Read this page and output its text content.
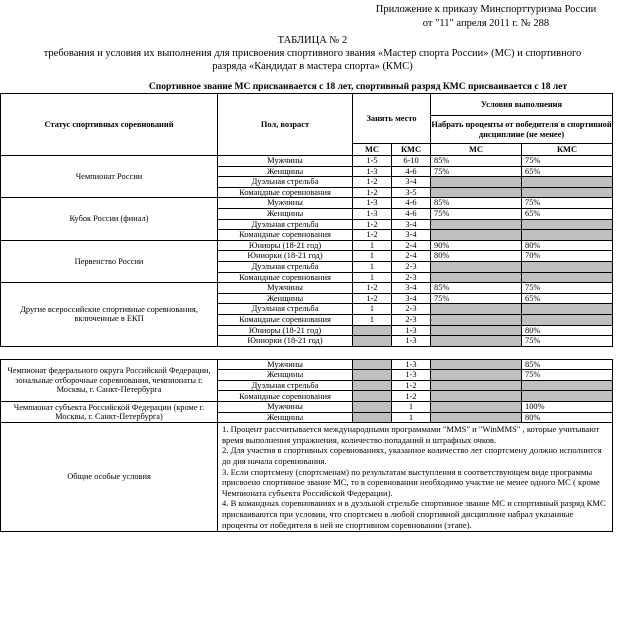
Приложение к приказу Минспорттуризма России
от "11" апреля 2011 г. № 288
ТАБЛИЦА № 2
требования и условия их выполнения для присвоения спортивного звания «Мастер спорта России» (МС) и спортивного
разряда «Кандидат в мастера спорта» (КМС)
Спортивное звание МС присваивается с 18 лет, спортивный разряд КМС присваивается с 18 лет
Статус спортивных соревнований	Пол, возраст	Занять место		Условия выполнения	
				Набрать проценты от победителя в спортивной дисциплине (не менее)	
		МС	КМС	МС	КМС
Чемпионат России	Мужчины	1-5	6-10	85%	75%
	Женщины	1-3	4-6	75%	65%
	Дуэльная стрельба	1-2	3-4		
	Командные соревнования	1-2	3-5		
Кубок России (финал)	Мужчины	1-3	4-6	85%	75%
	Женщины	1-3	4-6	75%	65%
	Дуэльная стрельба	1-2	3-4		
	Командные соревнования	1-2	3-4		
Первенство России	Юниоры (18-21 год)	1	2-4	90%	80%
	Юниорки (18-21 год)	1	2-4	80%	70%
	Дуэльная стрельба	1	2-3		
	Командные соревнования	1	2-3		
Другие всероссийские спортивные соревнования, включенные в ЕКП	Мужчины	1-2	3-4	85%	75%
	Женщины	1-2	3-4	75%	65%
	Дуэльная стрельба	1	2-3		
	Командные соревнования	1	2-3		
	Юниоры (18-21 год)		1-3		80%
	Юниорки (18-21 год)		1-3		75%

Чемпионат федерального округа Российской Федерации, зональные отборочные соревнования, чемпионаты г. Москвы, г. Санкт-Петербурга	Мужчины		1-3		85%
	Женщины		1-3		75%
	Дуэльная стрельба		1-2		
	Командные соревнования		1-2		
Чемпионат субъекта Российской Федерации (кроме г. Москвы, г. Санкт-Петербурга)	Мужчины		1		100%
	Женщины		1		80%
Общие особые условия	1. Процент рассчитывается международными программами "MMS" и "WinMMS" , которые учитывают время выполнения упражнения, количество попаданий и штрафных очков.
2. Для участия в спортивных соревнованиях, указанное количество лет спортсмену должно исполнится до дня начала соревнования.
3. Если спортсмену (спортсменам) по результатам выступления в соответствующем виде программы присвоено спортивное звание МС, то в соревновании необходимо участие не менее одного МС ( кроме Чемпионата субъекта Российской Федерации).
4. В командных соревнованиях и в дуэльной стрельбе спортивное звание МС и спортивный разряд КМС присваиваются при условии, что спортсмен в любой спортивной дисциплине набрал указанные проценты от победителя в ней не спортивном соревновании (этапе).				
